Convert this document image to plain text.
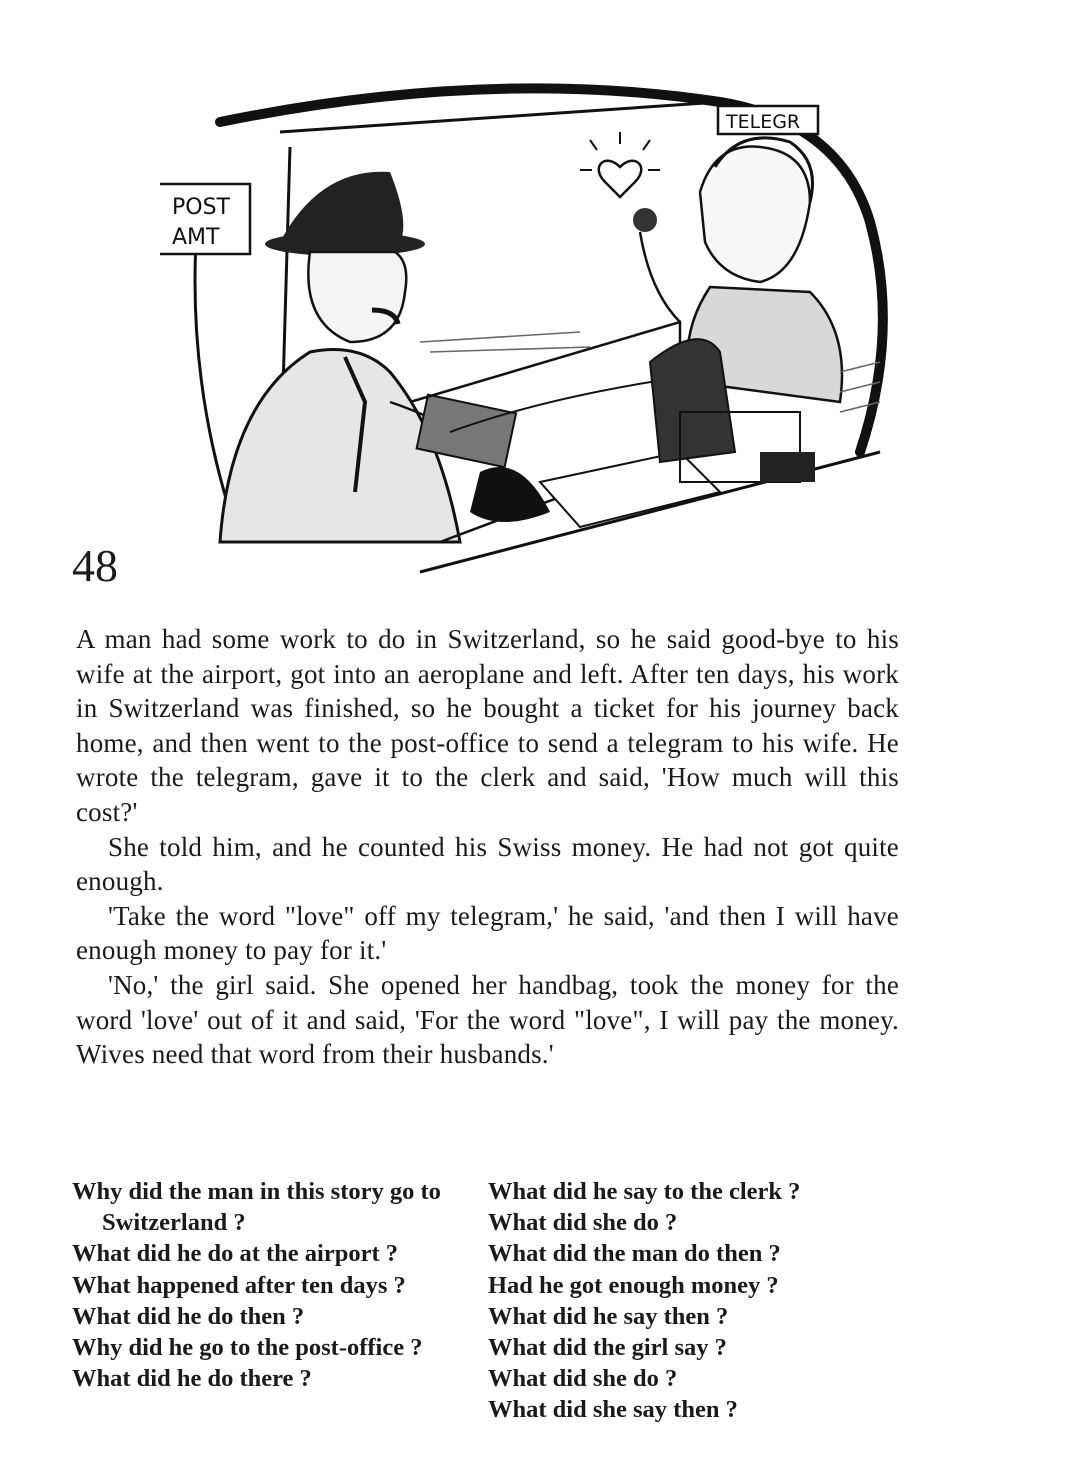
POST
AMT
TELEGR
48

A man had some work to do in Switzerland, so he said good-bye to his wife at the airport, got into an aeroplane and left. After ten days, his work in Switzerland was finished, so he bought a ticket for his journey back home, and then went to the post-office to send a telegram to his wife. He wrote the telegram, gave it to the clerk and said, 'How much will this cost?'

She told him, and he counted his Swiss money. He had not got quite enough.

'Take the word "love" off my telegram,' he said, 'and then I will have enough money to pay for it.'

'No,' the girl said. She opened her handbag, took the money for the word 'love' out of it and said, 'For the word "love", I will pay the money. Wives need that word from their husbands.'

Why did the man in this story go to Switzerland ?

What did he do at the airport ?

What happened after ten days ?

What did he do then ?

Why did he go to the post-office ?

What did he do there ?

What did he say to the clerk ?

What did she do ?

What did the man do then ?

Had he got enough money ?

What did he say then ?

What did the girl say ?

What did she do ?

What did she say then ?
